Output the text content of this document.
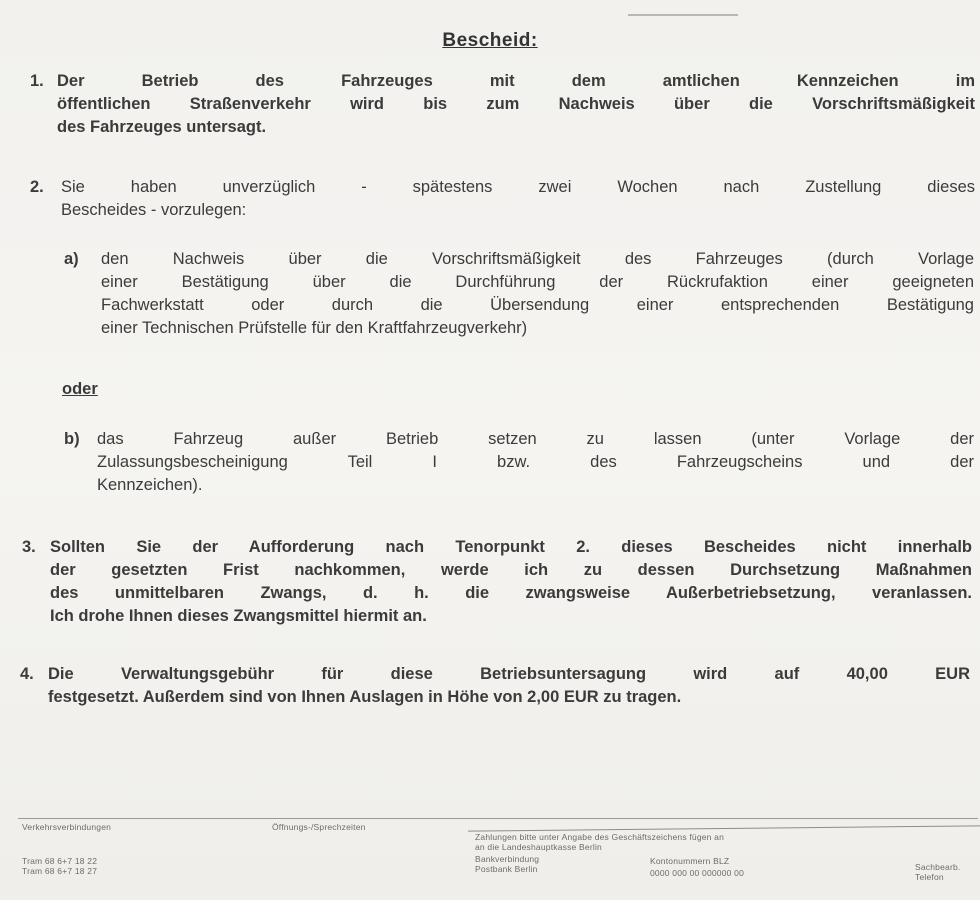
Bescheid:
1. Der Betrieb des Fahrzeuges mit dem amtlichen Kennzeichen im
öffentlichen Straßenverkehr wird bis zum Nachweis über die Vorschriftsmäßigkeit
des Fahrzeuges untersagt.
2. Sie haben unverzüglich - spätestens zwei Wochen nach Zustellung dieses
Bescheides - vorzulegen:
a) den Nachweis über die Vorschriftsmäßigkeit des Fahrzeuges (durch Vorlage
einer Bestätigung über die Durchführung der Rückrufaktion einer geeigneten
Fachwerkstatt oder durch die Übersendung einer entsprechenden Bestätigung
einer Technischen Prüfstelle für den Kraftfahrzeugverkehr)
oder
b) das Fahrzeug außer Betrieb setzen zu lassen (unter Vorlage der
Zulassungsbescheinigung Teil I bzw. des Fahrzeugscheins und der
Kennzeichen).
3. Sollten Sie der Aufforderung nach Tenorpunkt 2. dieses Bescheides nicht innerhalb
der gesetzten Frist nachkommen, werde ich zu dessen Durchsetzung Maßnahmen
des unmittelbaren Zwangs, d. h. die zwangsweise Außerbetriebsetzung, veranlassen.
Ich drohe Ihnen dieses Zwangsmittel hiermit an.
4. Die Verwaltungsgebühr für diese Betriebsuntersagung wird auf 40,00 EUR
festgesetzt. Außerdem sind von Ihnen Auslagen in Höhe von 2,00 EUR zu tragen.
Verkehrsverbindungen
Tram 68 6+7 18 22
Tram 68 6+7 18 27
Öffnungs-/Sprechzeiten
Zahlungen bitte unter Angabe des Geschäftszeichens fügen an
an die Landeshauptkasse Berlin
Bankverbindung
Postbank Berlin
Kontonummern BLZ
0000 000 00 000000 00
Sachbearb.
Telefon
